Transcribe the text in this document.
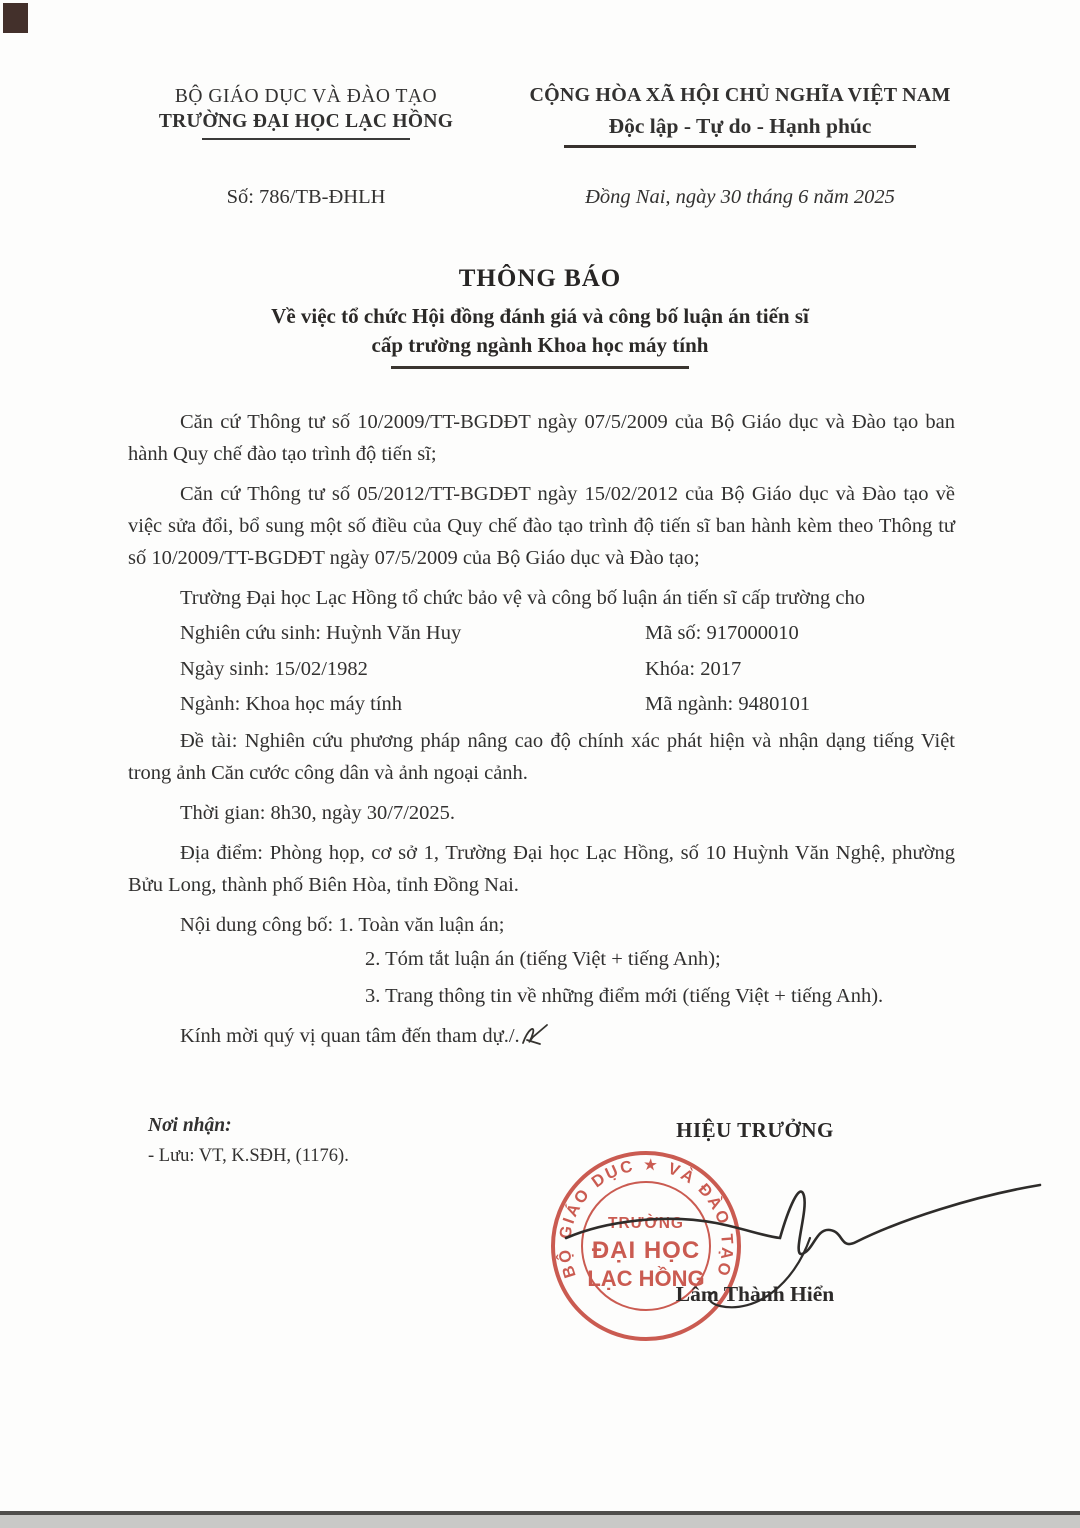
BỘ GIÁO DỤC VÀ ĐÀO TẠO
TRƯỜNG ĐẠI HỌC LẠC HỒNG
Số: 786/TB-ĐHLH
CỘNG HÒA XÃ HỘI CHỦ NGHĨA VIỆT NAM
Độc lập - Tự do - Hạnh phúc
Đồng Nai, ngày 30 tháng 6 năm 2025
THÔNG BÁO
Về việc tổ chức Hội đồng đánh giá và công bố luận án tiến sĩ
cấp trường ngành Khoa học máy tính

Căn cứ Thông tư số 10/2009/TT-BGDĐT ngày 07/5/2009 của Bộ Giáo dục và Đào tạo ban hành Quy chế đào tạo trình độ tiến sĩ;

Căn cứ Thông tư số 05/2012/TT-BGDĐT ngày 15/02/2012 của Bộ Giáo dục và Đào tạo về việc sửa đổi, bổ sung một số điều của Quy chế đào tạo trình độ tiến sĩ ban hành kèm theo Thông tư số 10/2009/TT-BGDĐT ngày 07/5/2009 của Bộ Giáo dục và Đào tạo;

Trường Đại học Lạc Hồng tổ chức bảo vệ và công bố luận án tiến sĩ cấp trường cho

Nghiên cứu sinh: Huỳnh Văn Huy	Mã số: 917000010
Ngày sinh: 15/02/1982	Khóa: 2017
Ngành: Khoa học máy tính	Mã ngành: 9480101

Đề tài: Nghiên cứu phương pháp nâng cao độ chính xác phát hiện và nhận dạng tiếng Việt trong ảnh Căn cước công dân và ảnh ngoại cảnh.

Thời gian: 8h30, ngày 30/7/2025.

Địa điểm: Phòng họp, cơ sở 1, Trường Đại học Lạc Hồng, số 10 Huỳnh Văn Nghệ, phường Bửu Long, thành phố Biên Hòa, tỉnh Đồng Nai.

Nội dung công bố: 1. Toàn văn luận án;

2. Tóm tắt luận án (tiếng Việt + tiếng Anh);
3. Trang thông tin về những điểm mới (tiếng Việt + tiếng Anh).
Kính mời quý vị quan tâm đến tham dự./.
Nơi nhận:
- Lưu: VT, K.SĐH, (1176).
HIỆU TRƯỞNG
BỘ GIÁO DỤC ★ VÀ ĐÀO TẠO
TRƯỜNG
ĐẠI HỌC
LẠC HỒNG
Lâm Thành Hiển
